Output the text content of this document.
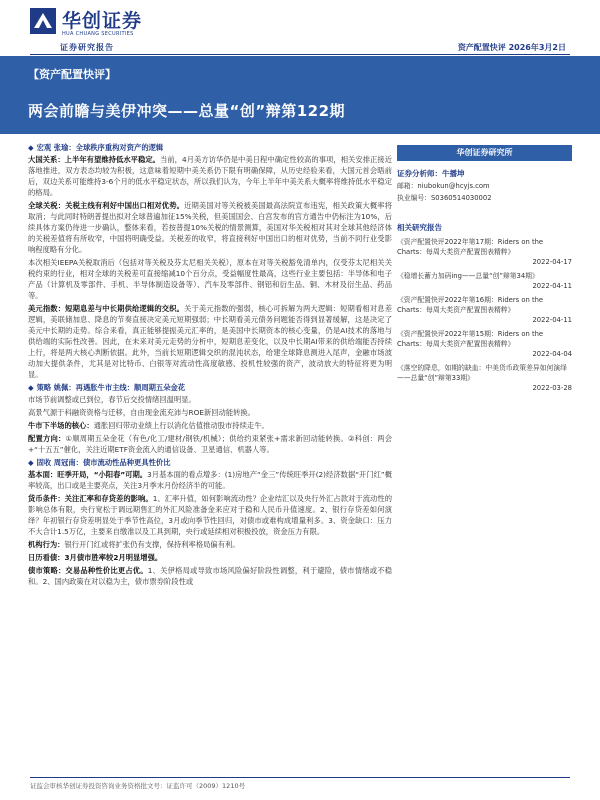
华创证券
HUA CHUANG SECURITIES
证券研究报告	资产配置快评 2026年3月2日
【资产配置快评】
两会前瞻与美伊冲突——总量“创”辩第122期
◆ 宏观 张瑜：全球秩序重构对资产的逻辑
大国关系：上半年有望维持低水平稳定。当前，4月美方访华仍是中美日程中确定性较高的事项，相关安排正接近落地推进，双方表态均较为积极，这意味着短期中美关系仍下限有明确保障，从历史经验来看，大国元首会晤前后，双边关系可能维持3-6个月的低水平稳定状态，所以我们认为，今年上半年中美关系大概率将维持低水平稳定的格局。
全球关税：关税主线有利好中国出口相对优势。近期美国对等关税被美国最高法院宣布违宪，相关政策大概率将取消；与此同时特朗普提出拟对全球普遍加征15%关税，但美国国会、白宫发布的官方通告中仍标注为10%，后续具体方案仍待进一步确认，整体来看，若按普提10%关税的情景测算，美国对华关税相对其对全球其他经济体的关税差值将有所收窄，中国将明确受益。关税差的收窄，将直接利好中国出口的相对优势，当前不同行业受影响程度略有分化。
本次相关IEEPA关税取消后（包括对等关税及芬太尼相关关税），原本在对等关税豁免清单内，仅受芬太尼相关关税约束的行业，相对全球的关税差可直接缩减10个百分点，受益幅度性最高，这些行业主要包括：半导体和电子产品（计算机及零部件、手机、半导体制造设备等）、汽车及零部件、钢铝和衍生品、铜、木材及衍生品、药品等。
美元指数：短期息差与中长期供给逻辑的交织。关于美元指数的强弱，核心可拆解为两大逻辑：短期看相对息差逻辑，美联储加息、降息的节奏直接决定美元短期强弱；中长期看美元债务问题能否得到显著缓解，这是决定了美元中长期的走势。综合来看，真正能够提振美元汇率的，是美国中长期资本的核心变量，仍是AI技术的落地与供给端的实际性改善。因此，在未来对美元走势的分析中，短期息差变化，以及中长期AI带来的供给端能否持续上行，将是两大核心判断依据。此外，当前长短期逻辑交织的混沌状态，给建全球降息测进入尾声，金融市场波动加大提供条件，尤其是对比特币、白银等对流动性高度敏感、投机性较强的资产，波动放大的特征将更为明显。
◆ 策略 姚佩：再遇胀牛市主线：顺周期五朵金花
市场节前调整或已到位，春节后交投情绪回温明显。
高景气源于科融资资格与迁移，自由现金流充沛与ROE新回动能转换。
牛市下半场的核心：通胀回归带动业绩上行以消化估值推动股市持续走牛。
配置方向：①顺周期五朵金花（有色/化工/建材/钢铁/机械）；供给约束紧张+需求新回动能转换。②科创：两会+“十五五”催化，关注近期ETF资金流入的通信设备、卫星通信、机器人等。
◆ 固收 周冠南：债市流动性品种更具性价比
基本面：旺季开局，“小阳春”可期。3月基本面的看点增多：(1)房地产“金三”传统旺季开(2)经济数据“开门红”概率较高，出口或是主要亮点，关注3月季末月份经济半的可能。
货币条件：关注汇率和存贷差的影响。1、汇率升值，如何影响流动性？企业结汇以及央行外汇占款对于流动性的影响总体有限，央行宽松于调远期售汇的外汇风险准备金来应对于稳和人民币升值速度。2、银行存贷差如何演绎？年初银行存贷差明显处于季节性高位，3月或向季节性回归，对债市或难构成增量利多。3、资金缺口：压力不大合计1.5万亿，主要来自缴准以及工具到期，央行或延续相对积极投放，资金压力有限。
机构行为：银行开门红或将扩张仍有支撑，保持利率格局偏有利。
日历看债：3月债市胜率较2月明显增强。
债市策略：交易品种性价比更占优。1、关伊格局或导致市场风险偏好阶段性调整，利于避险，债市情绪或不稳和。2、国内政策在对以稳为主，债市票券阶段性或
华创证券研究所
证券分析师：牛播坤
邮箱：niubokun@hcyjs.com
执业编号：S0360514030002
相关研究报告
《资产配置快评2022年第17期：Riders on the Charts：每周大类资产配置图表精粹》
2022-04-17
《稳增长蓄力加码ing——总量“创”辩第34期》
2022-04-11
《资产配置快评2022年第16期：Riders on the Charts：每周大类资产配置图表精粹》
2022-04-11
《资产配置快评2022年第15期：Riders on the Charts：每周大类资产配置图表精粹》
2022-04-04
《落空的降息，如期的缺血：中美货币政策差异如何演绎——总量“创”辩第33期》
2022-03-28
证监会审核华创证券投资咨询业务资格批文号：证监许可（2009）1210号
